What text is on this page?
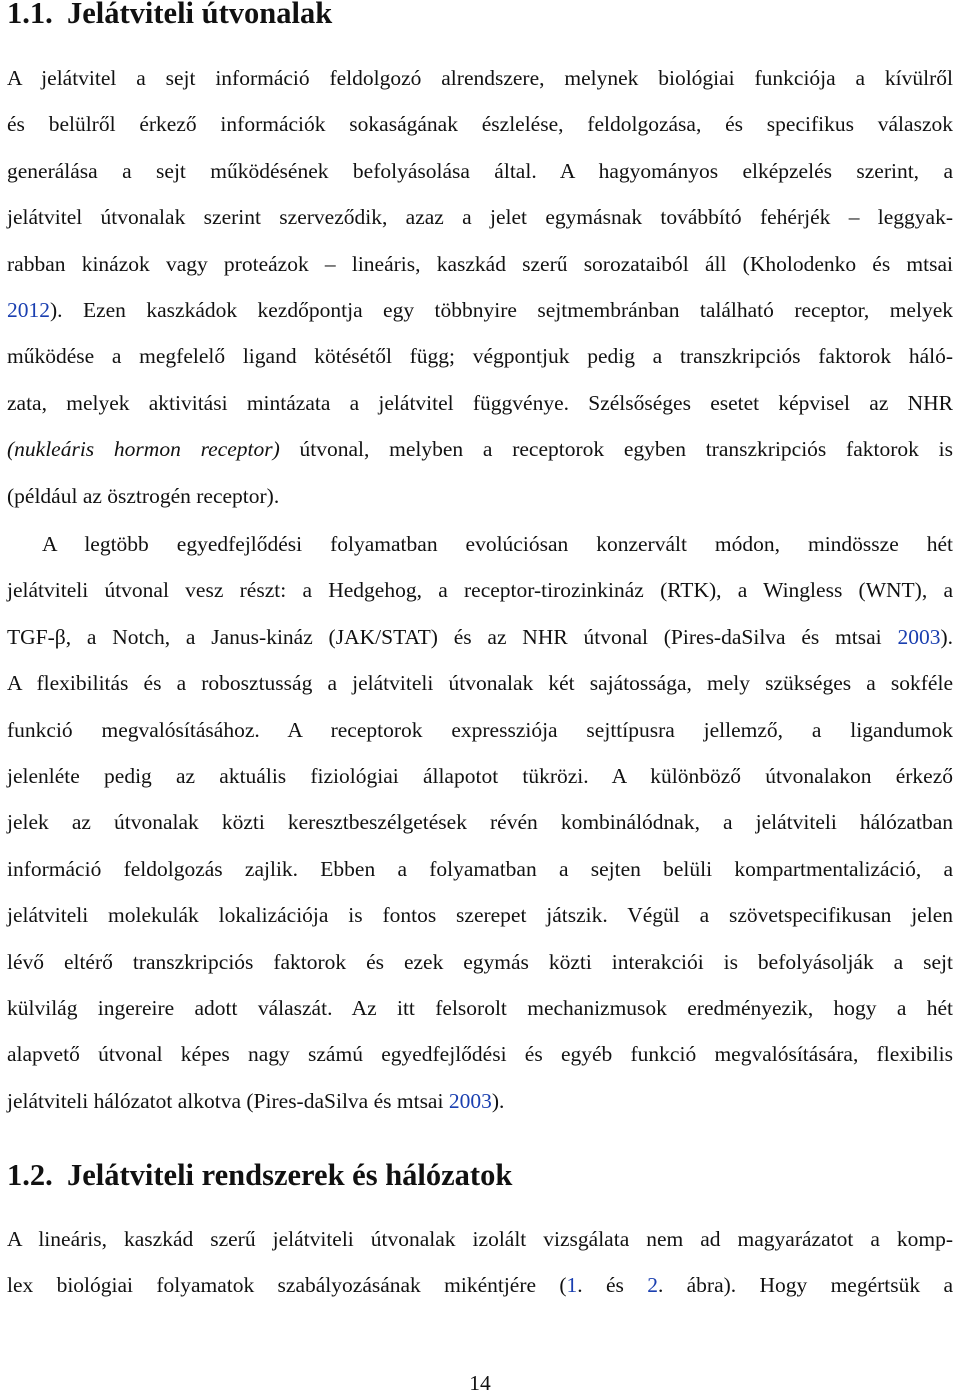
1.1. Jelátviteli útvonalak

A jelátvitel a sejt információ feldolgozó alrendszere, melynek biológiai funkciója a kívülről
és belülről érkező információk sokaságának észlelése, feldolgozása, és specifikus válaszok
generálása a sejt működésének befolyásolása által. A hagyományos elképzelés szerint, a
jelátvitel útvonalak szerint szerveződik, azaz a jelet egymásnak továbbító fehérjék – leggyak-
rabban kinázok vagy proteázok – lineáris, kaszkád szerű sorozataiból áll (Kholodenko és mtsai
2012). Ezen kaszkádok kezdőpontja egy többnyire sejtmembránban található receptor, melyek
működése a megfelelő ligand kötésétől függ; végpontjuk pedig a transzkripciós faktorok háló-
zata, melyek aktivitási mintázata a jelátvitel függvénye. Szélsőséges esetet képvisel az NHR
(nukleáris hormon receptor) útvonal, melyben a receptorok egyben transzkripciós faktorok is
(például az ösztrogén receptor).

A legtöbb egyedfejlődési folyamatban evolúciósan konzervált módon, mindössze hét
jelátviteli útvonal vesz részt: a Hedgehog, a receptor-tirozinkináz (RTK), a Wingless (WNT), a
TGF-β, a Notch, a Janus-kináz (JAK/STAT) és az NHR útvonal (Pires-daSilva és mtsai 2003).
A flexibilitás és a robosztusság a jelátviteli útvonalak két sajátossága, mely szükséges a sokféle
funkció megvalósításához. A receptorok expressziója sejttípusra jellemző, a ligandumok
jelenléte pedig az aktuális fiziológiai állapotot tükrözi. A különböző útvonalakon érkező
jelek az útvonalak közti keresztbeszélgetések révén kombinálódnak, a jelátviteli hálózatban
információ feldolgozás zajlik. Ebben a folyamatban a sejten belüli kompartmentalizáció, a
jelátviteli molekulák lokalizációja is fontos szerepet játszik. Végül a szövetspecifikusan jelen
lévő eltérő transzkripciós faktorok és ezek egymás közti interakciói is befolyásolják a sejt
külvilág ingereire adott válaszát. Az itt felsorolt mechanizmusok eredményezik, hogy a hét
alapvető útvonal képes nagy számú egyedfejlődési és egyéb funkció megvalósítására, flexibilis
jelátviteli hálózatot alkotva (Pires-daSilva és mtsai 2003).

1.2. Jelátviteli rendszerek és hálózatok

A lineáris, kaszkád szerű jelátviteli útvonalak izolált vizsgálata nem ad magyarázatot a komp-
lex biológiai folyamatok szabályozásának mikéntjére (1. és 2. ábra). Hogy megértsük a

14
